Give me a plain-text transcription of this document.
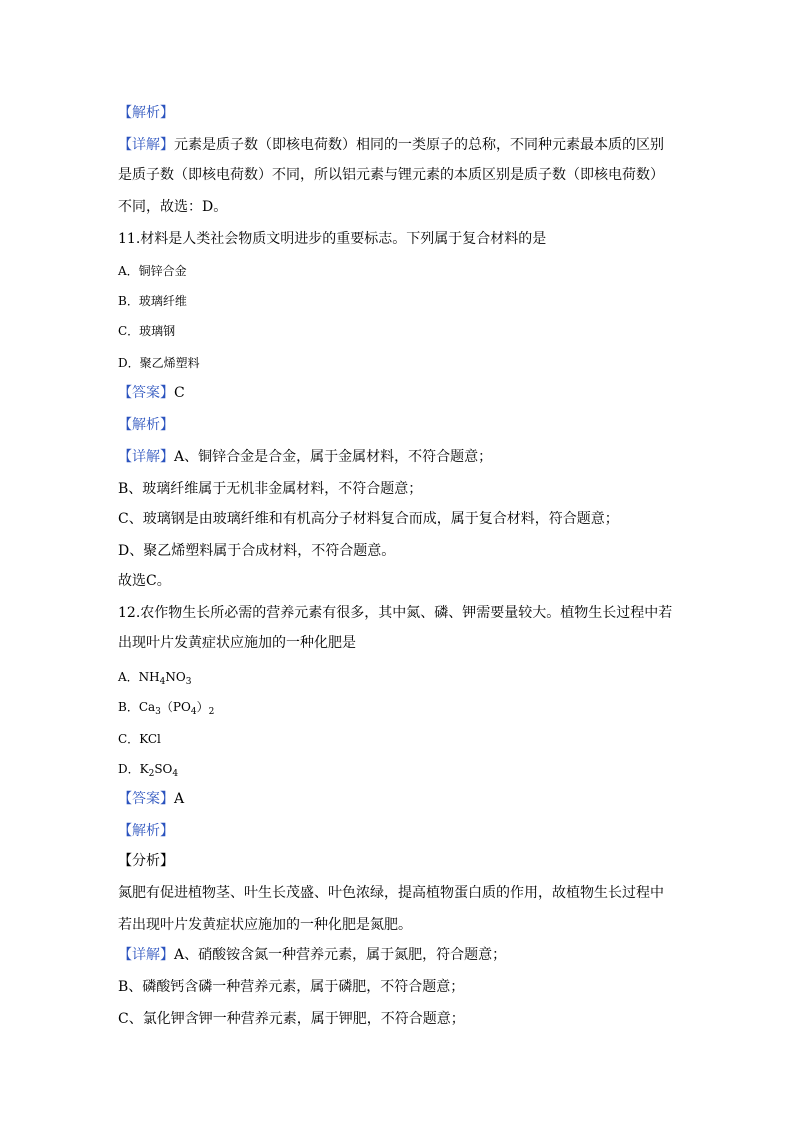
【解析】
【详解】元素是质子数（即核电荷数）相同的一类原子的总称，不同种元素最本质的区别
是质子数（即核电荷数）不同，所以铝元素与锂元素的本质区别是质子数（即核电荷数）
不同，故选：D。
11.材料是人类社会物质文明进步的重要标志。下列属于复合材料的是
A．铜锌合金
B．玻璃纤维
C．玻璃钢
D．聚乙烯塑料
【答案】C
【解析】
【详解】A、铜锌合金是合金，属于金属材料，不符合题意；
B、玻璃纤维属于无机非金属材料，不符合题意；
C、玻璃钢是由玻璃纤维和有机高分子材料复合而成，属于复合材料，符合题意；
D、聚乙烯塑料属于合成材料，不符合题意。
故选C。
12.农作物生长所必需的营养元素有很多，其中氮、磷、钾需要量较大。植物生长过程中若
出现叶片发黄症状应施加的一种化肥是
A．$NH_4NO_3$
B．$Ca_3(PO_4)_2$
C．KCl
D．$K_2SO_4$
【答案】A
【解析】
【分析】
氮肥有促进植物茎、叶生长茂盛、叶色浓绿，提高植物蛋白质的作用，故植物生长过程中
若出现叶片发黄症状应施加的一种化肥是氮肥。
【详解】A、硝酸铵含氮一种营养元素，属于氮肥，符合题意；
B、磷酸钙含磷一种营养元素，属于磷肥，不符合题意；
C、氯化钾含钾一种营养元素，属于钾肥，不符合题意；
